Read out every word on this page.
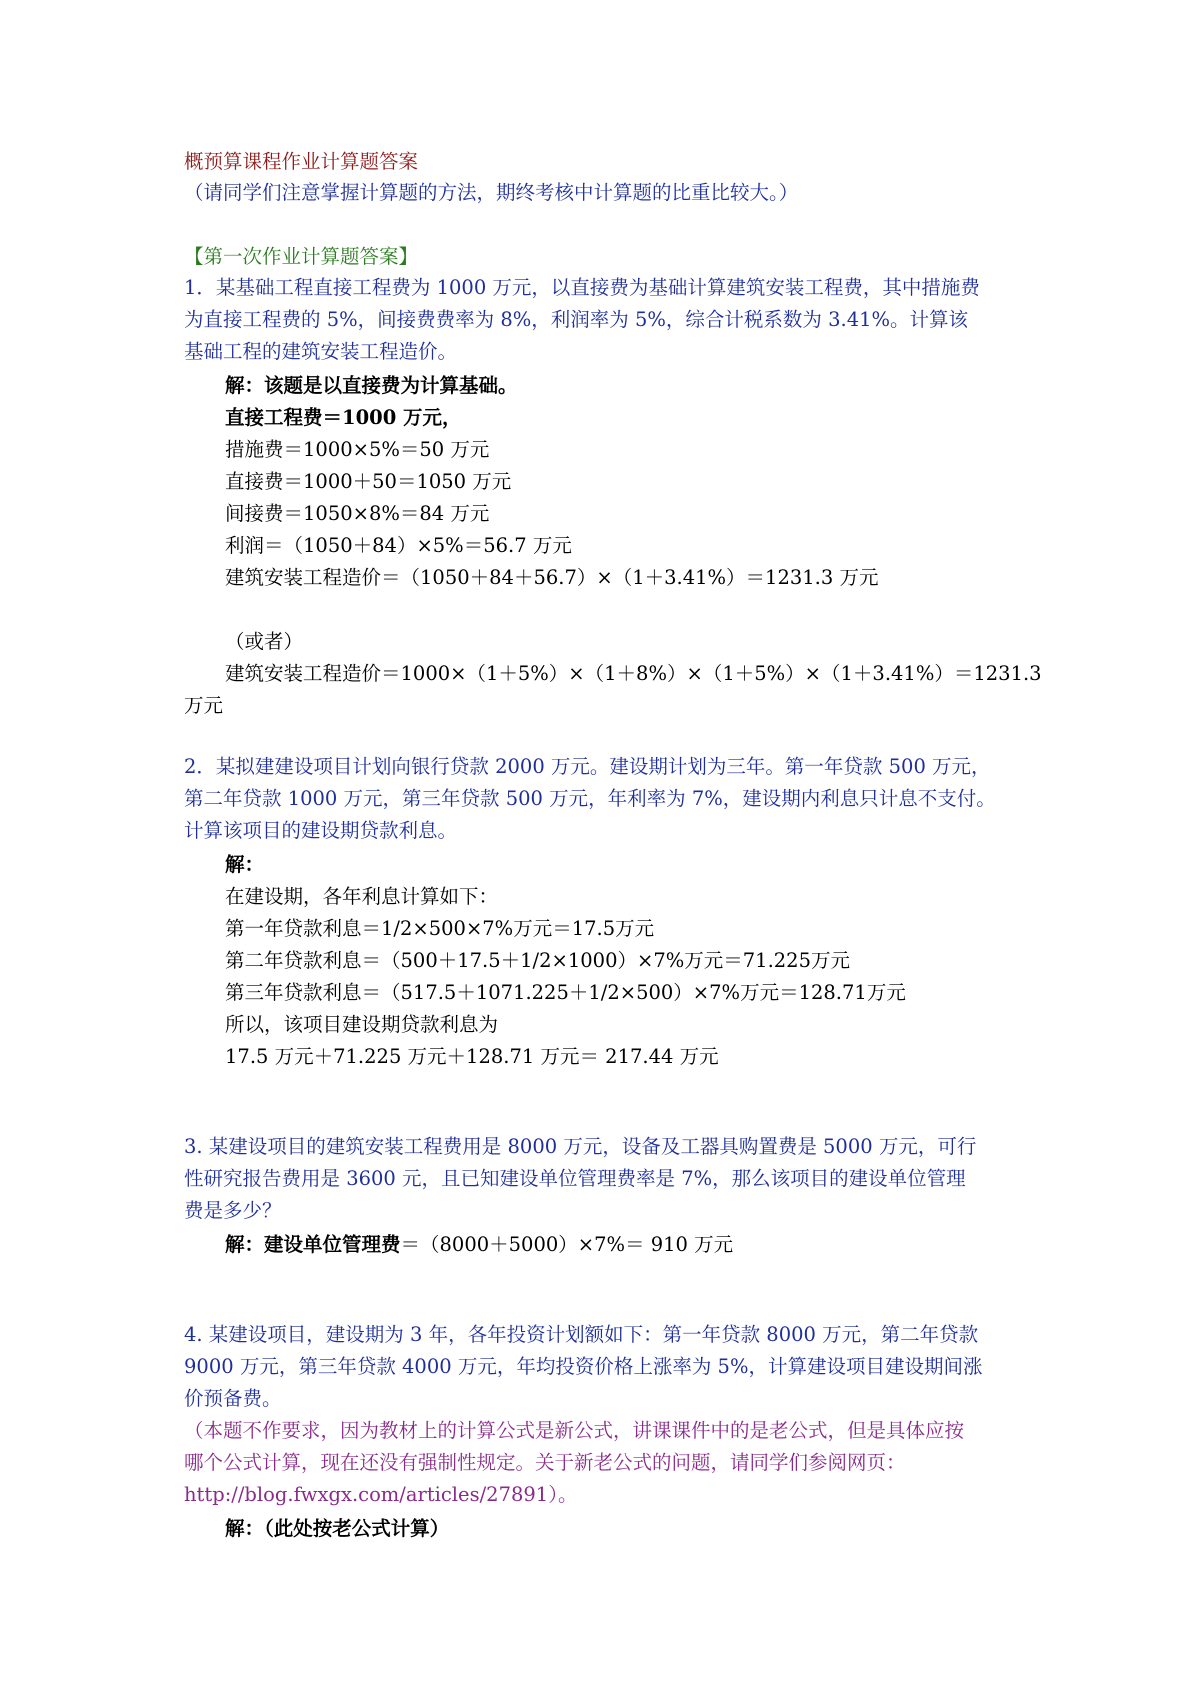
概预算课程作业计算题答案

（请同学们注意掌握计算题的方法，期终考核中计算题的比重比较大。）

【第一次作业计算题答案】

1．某基础工程直接工程费为 1000 万元，以直接费为基础计算建筑安装工程费，其中措施费

为直接工程费的 5%，间接费费率为 8%，利润率为 5%，综合计税系数为 3.41%。计算该

基础工程的建筑安装工程造价。

解：该题是以直接费为计算基础。

直接工程费＝1000 万元，

措施费＝1000×5%＝50 万元

直接费＝1000＋50＝1050 万元

间接费＝1050×8%＝84 万元

利润＝（1050＋84）×5%＝56.7 万元

建筑安装工程造价＝（1050＋84＋56.7）×（1＋3.41%）＝1231.3 万元

（或者）

建筑安装工程造价＝1000×（1＋5%）×（1＋8%）×（1＋5%）×（1＋3.41%）＝1231.3

万元

2．某拟建建设项目计划向银行贷款 2000 万元。建设期计划为三年。第一年贷款 500 万元，

第二年贷款 1000 万元，第三年贷款 500 万元，年利率为 7%，建设期内利息只计息不支付。

计算该项目的建设期贷款利息。

解：

在建设期，各年利息计算如下：

第一年贷款利息＝1/2×500×7%万元＝17.5万元

第二年贷款利息＝（500＋17.5＋1/2×1000）×7%万元＝71.225万元

第三年贷款利息＝（517.5＋1071.225＋1/2×500）×7%万元＝128.71万元

所以，该项目建设期贷款利息为

17.5 万元＋71.225 万元＋128.71 万元＝ 217.44 万元

3. 某建设项目的建筑安装工程费用是 8000 万元，设备及工器具购置费是 5000 万元，可行

性研究报告费用是 3600 元，且已知建设单位管理费率是 7%，那么该项目的建设单位管理

费是多少？

解：建设单位管理费＝（8000＋5000）×7%＝ 910 万元

4. 某建设项目，建设期为 3 年，各年投资计划额如下：第一年贷款 8000 万元，第二年贷款

9000 万元，第三年贷款 4000 万元，年均投资价格上涨率为 5%，计算建设项目建设期间涨

价预备费。

（本题不作要求，因为教材上的计算公式是新公式，讲课课件中的是老公式，但是具体应按

哪个公式计算，现在还没有强制性规定。关于新老公式的问题，请同学们参阅网页：

http://blog.fwxgx.com/articles/27891）。

解：（此处按老公式计算）
